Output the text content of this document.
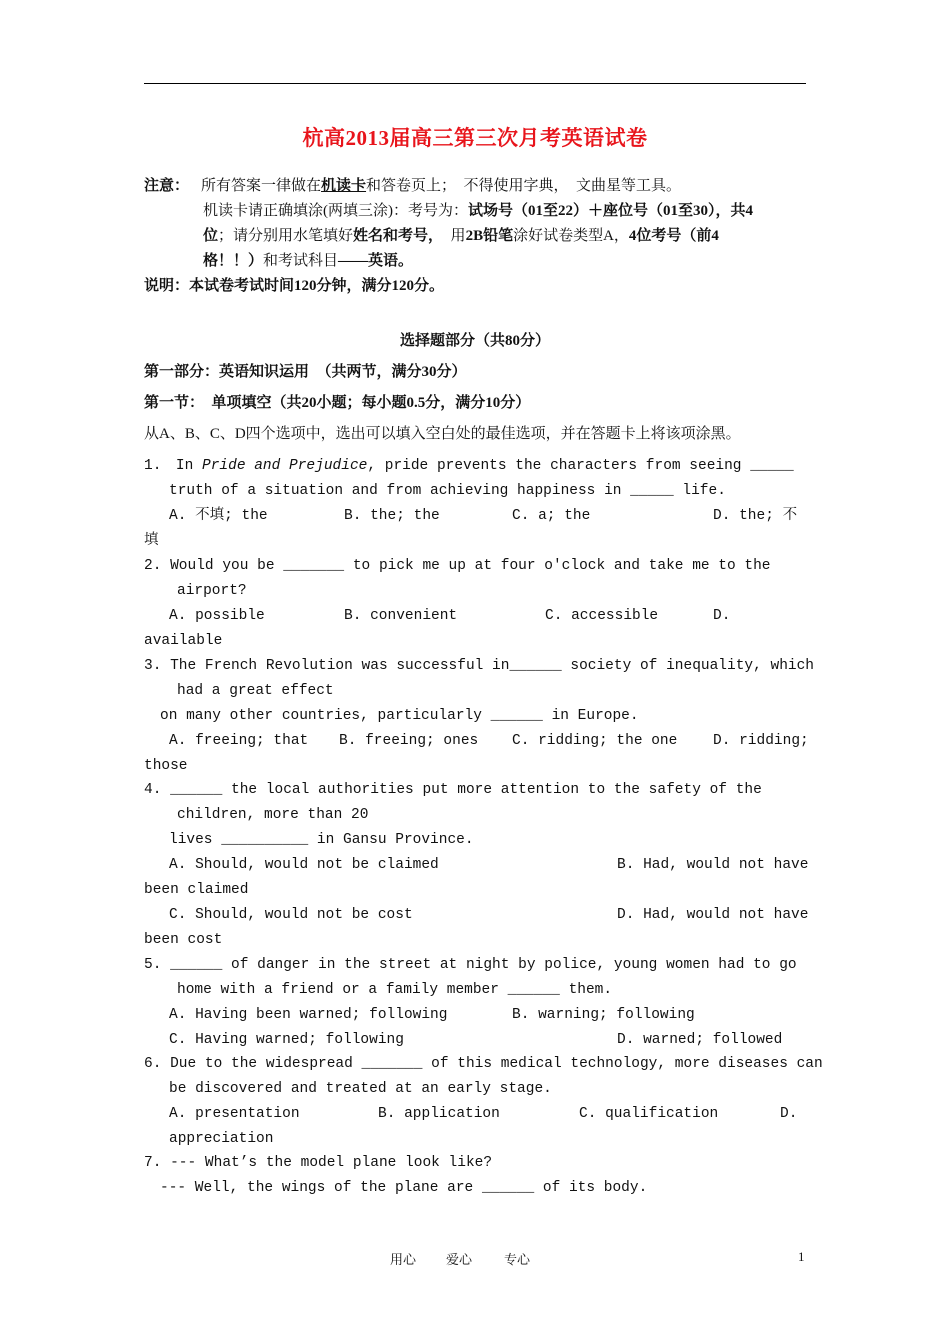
杭高2013届高三第三次月考英语试卷
注意： 所有答案一律做在机读卡和答卷页上；　不得使用字典，　文曲星等工具。
机读卡请正确填涂(两填三涂)：考号为：试场号（01至22）＋座位号（01至30），共4
位；请分别用水笔填好姓名和考号，　用2B铅笔涂好试卷类型A，4位考号（前4
格！！）和考试科目——英语。
说明：本试卷考试时间120分钟，满分120分。
选择题部分（共80分）
第一部分：英语知识运用　（共两节，满分30分）
第一节：　单项填空（共20小题；每小题0.5分，满分10分）
从A、B、C、D四个选项中，选出可以填入空白处的最佳选项，并在答题卡上将该项涂黑。
1.　In Pride and Prejudice, pride prevents the characters from seeing _____
truth of a situation and from achieving happiness in _____ life.
A. 不填; the	B. the; the	C. a; the	D. the; 不
填
2. Would you be _______ to pick me up at four o'clock and take me to the
airport?
A. possible	B. convenient	C. accessible	D.
available
3. The French Revolution was successful in______ society of inequality, which
had a great effect
on many other countries, particularly ______ in Europe.
A. freeing; that B. freeing; ones C. ridding; the one D. ridding;
those
4. ______ the local authorities put more attention to the safety of the
children, more than 20
lives __________ in Gansu Province.
A. Should, would not be claimed	B. Had, would not have
been claimed
C. Should, would not be cost	D. Had, would not have
been cost
5. ______ of danger in the street at night by police, young women had to go
home with a friend or a family member ______ them.
A. Having been warned; following	B. warning; following
C. Having warned; following	D. warned; followed
6. Due to the widespread _______ of this medical technology, more diseases can
be discovered and treated at an early stage.
A. presentation	B. application	C. qualification	D.
appreciation
7. --- What’s the model plane look like?
--- Well, the wings of the plane are ______ of its body.
用心 爱心 专心	1
